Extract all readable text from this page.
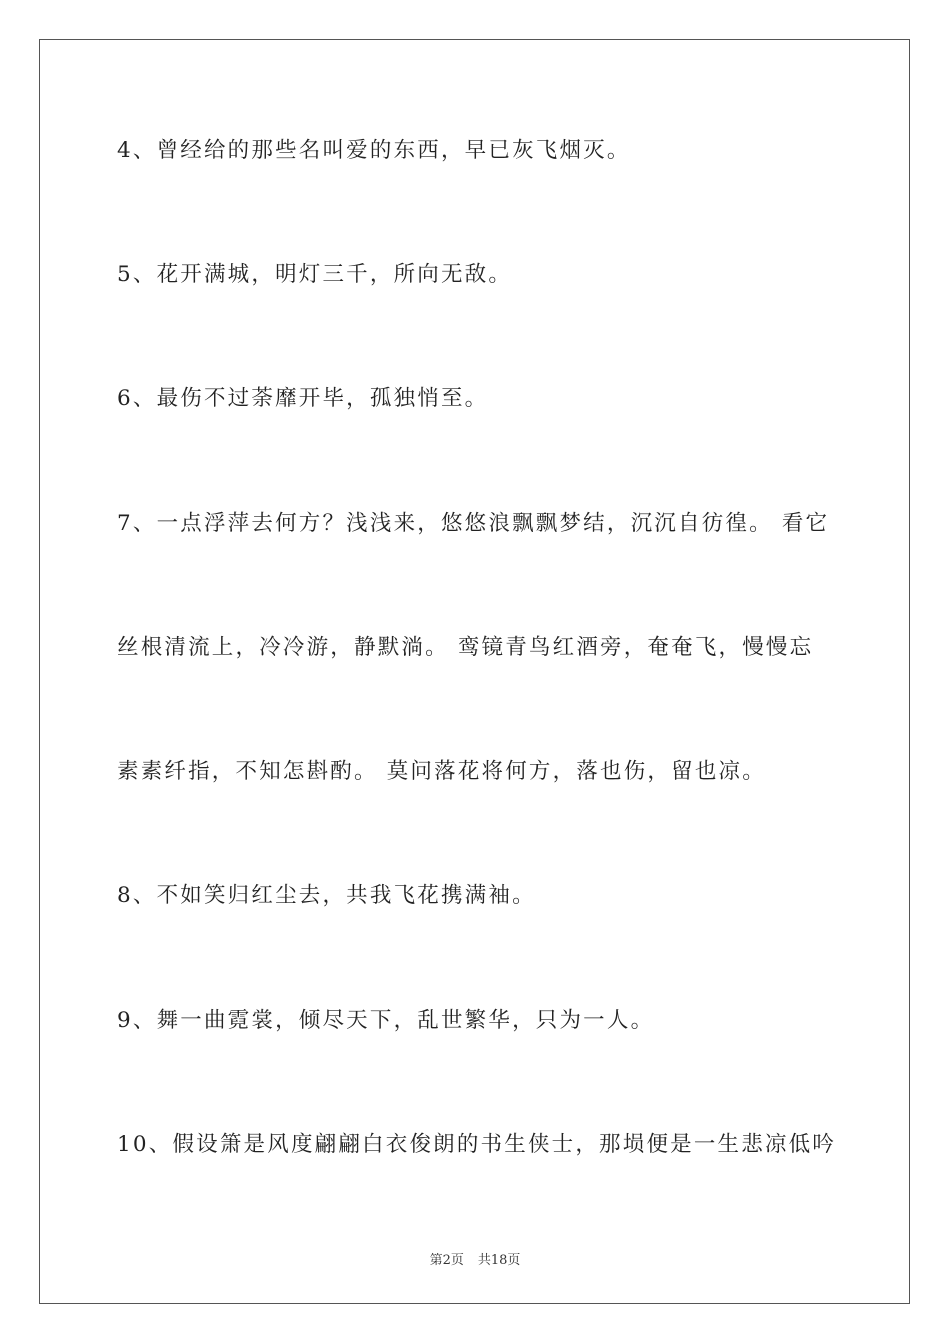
4、曾经给的那些名叫爱的东西，早已灰飞烟灭。
5、花开满城，明灯三千，所向无敌。
6、最伤不过荼靡开毕，孤独悄至。
7、一点浮萍去何方？浅浅来，悠悠浪飘飘梦结，沉沉自彷徨。 看它
丝根清流上，冷冷游，静默淌。 鸾镜青鸟红酒旁，奄奄飞，慢慢忘
素素纤指，不知怎斟酌。 莫问落花将何方，落也伤，留也凉。
8、不如笑归红尘去，共我飞花携满袖。
9、舞一曲霓裳，倾尽天下，乱世繁华，只为一人。
10、假设箫是风度翩翩白衣俊朗的书生侠士，那埙便是一生悲凉低吟
第2页 共18页
